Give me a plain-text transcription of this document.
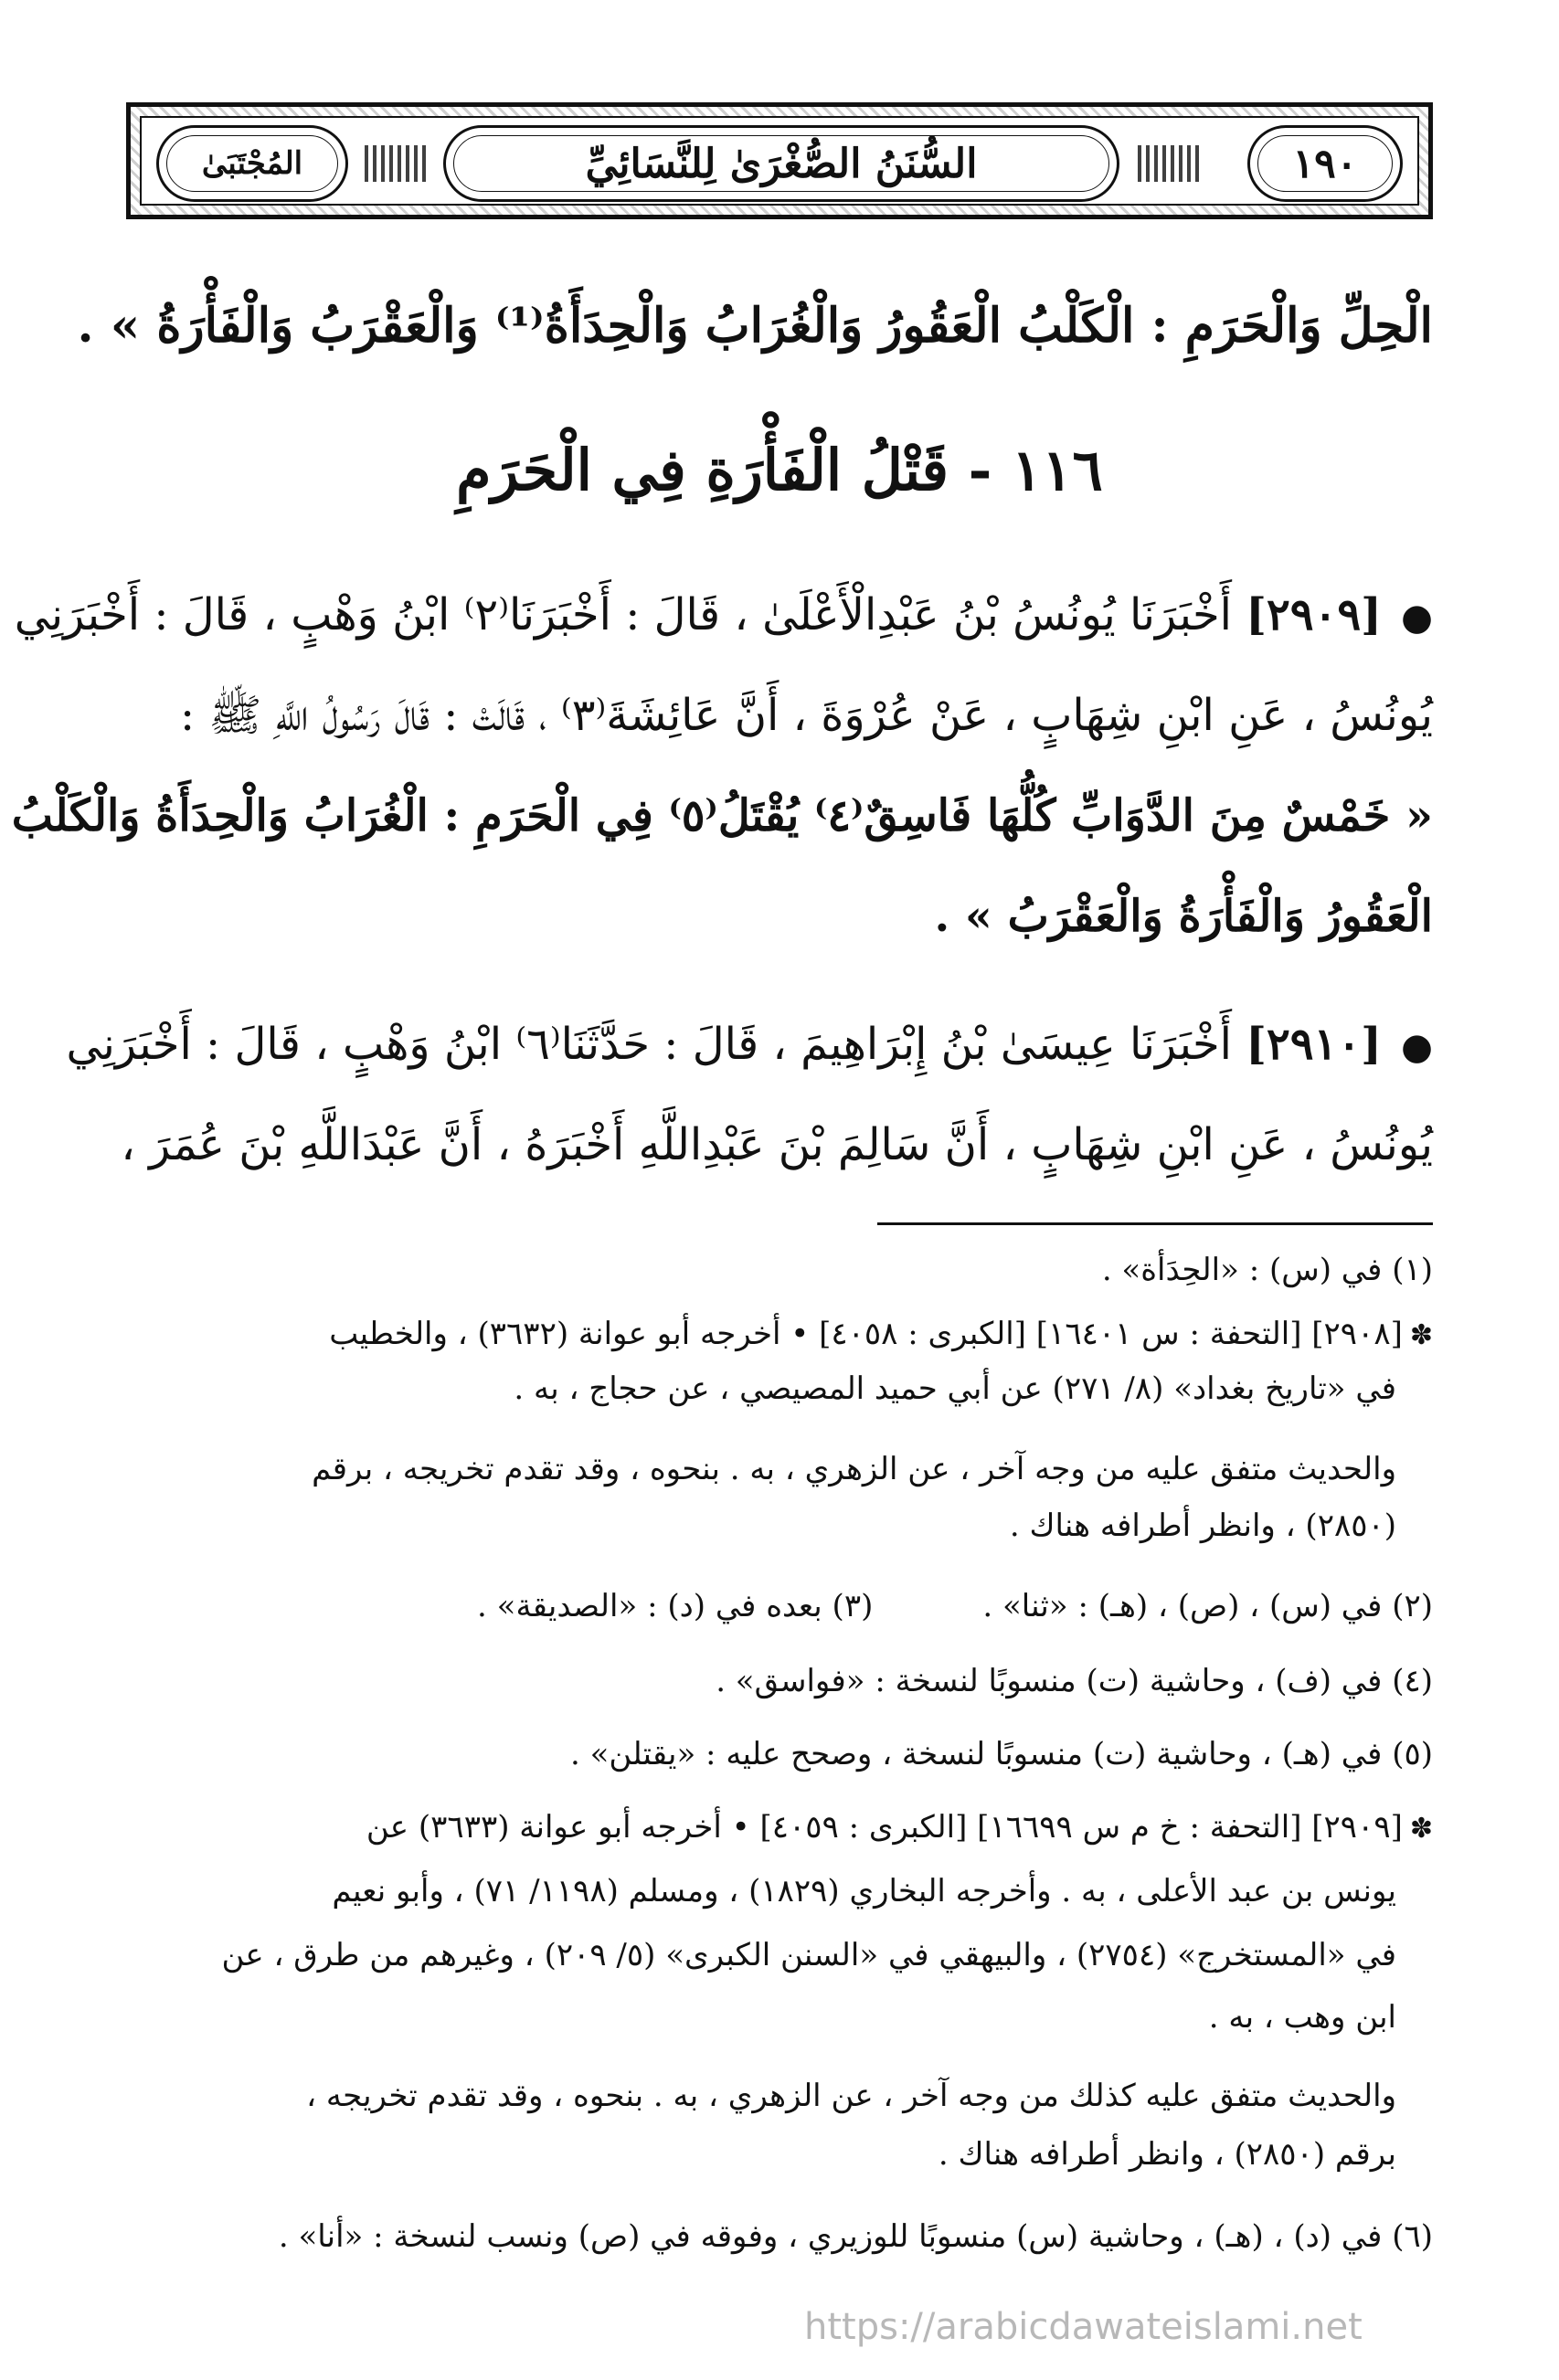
المُجْتَبَىٰ	السُّنَنُ الصُّغْرَىٰ لِلنَّسَائِيِّ	١٩٠
الْحِلِّ وَالْحَرَمِ : الْكَلْبُ الْعَقُورُ وَالْغُرَابُ وَالْحِدَأَةُ⁽¹⁾ وَالْعَقْرَبُ وَالْفَأْرَةُ » .
١١٦ - قَتْلُ الْفَأْرَةِ فِي الْحَرَمِ
● [٢٩٠٩] أَخْبَرَنَا يُونُسُ بْنُ عَبْدِالْأَعْلَىٰ ، قَالَ : أَخْبَرَنَا⁽٢⁾ ابْنُ وَهْبٍ ، قَالَ : أَخْبَرَنِي
يُونُسُ ، عَنِ ابْنِ شِهَابٍ ، عَنْ عُرْوَةَ ، أَنَّ عَائِشَةَ⁽٣⁾ ، قَالَتْ : قَالَ رَسُولُ اللَّهِ ﷺ :
« خَمْسٌ مِنَ الدَّوَابِّ كُلُّهَا فَاسِقٌ⁽٤⁾ يُقْتَلُ⁽٥⁾ فِي الْحَرَمِ : الْغُرَابُ وَالْحِدَأَةُ وَالْكَلْبُ
الْعَقُورُ وَالْفَأْرَةُ وَالْعَقْرَبُ » .
● [٢٩١٠] أَخْبَرَنَا عِيسَىٰ بْنُ إِبْرَاهِيمَ ، قَالَ : حَدَّثَنَا⁽٦⁾ ابْنُ وَهْبٍ ، قَالَ : أَخْبَرَنِي
يُونُسُ ، عَنِ ابْنِ شِهَابٍ ، أَنَّ سَالِمَ بْنَ عَبْدِاللَّهِ أَخْبَرَهُ ، أَنَّ عَبْدَاللَّهِ بْنَ عُمَرَ ،
(١) في (س) : «الحِدَأة» .
✽[٢٩٠٨] [التحفة : س ١٦٤٠١] [الكبرى : ٤٠٥٨] • أخرجه أبو عوانة (٣٦٣٢) ، والخطيب
في «تاريخ بغداد» (٨/ ٢٧١) عن أبي حميد المصيصي ، عن حجاج ، به .
والحديث متفق عليه من وجه آخر ، عن الزهري ، به . بنحوه ، وقد تقدم تخريجه ، برقم
(٢٨٥٠) ، وانظر أطرافه هناك .
(٢) في (س) ، (ص) ، (هـ) : «ثنا» .
(٣) بعده في (د) : «الصديقة» .
(٤) في (ف) ، وحاشية (ت) منسوبًا لنسخة : «فواسق» .
(٥) في (هـ) ، وحاشية (ت) منسوبًا لنسخة ، وصحح عليه : «يقتلن» .
✽[٢٩٠٩] [التحفة : خ م س ١٦٦٩٩] [الكبرى : ٤٠٥٩] • أخرجه أبو عوانة (٣٦٣٣) عن
يونس بن عبد الأعلى ، به . وأخرجه البخاري (١٨٢٩) ، ومسلم (١١٩٨/ ٧١) ، وأبو نعيم
في «المستخرج» (٢٧٥٤) ، والبيهقي في «السنن الكبرى» (٥/ ٢٠٩) ، وغيرهم من طرق ، عن
ابن وهب ، به .
والحديث متفق عليه كذلك من وجه آخر ، عن الزهري ، به . بنحوه ، وقد تقدم تخريجه ،
برقم (٢٨٥٠) ، وانظر أطرافه هناك .
(٦) في (د) ، (هـ) ، وحاشية (س) منسوبًا للوزيري ، وفوقه في (ص) ونسب لنسخة : «أنا» .
https://arabicdawateislami.net
